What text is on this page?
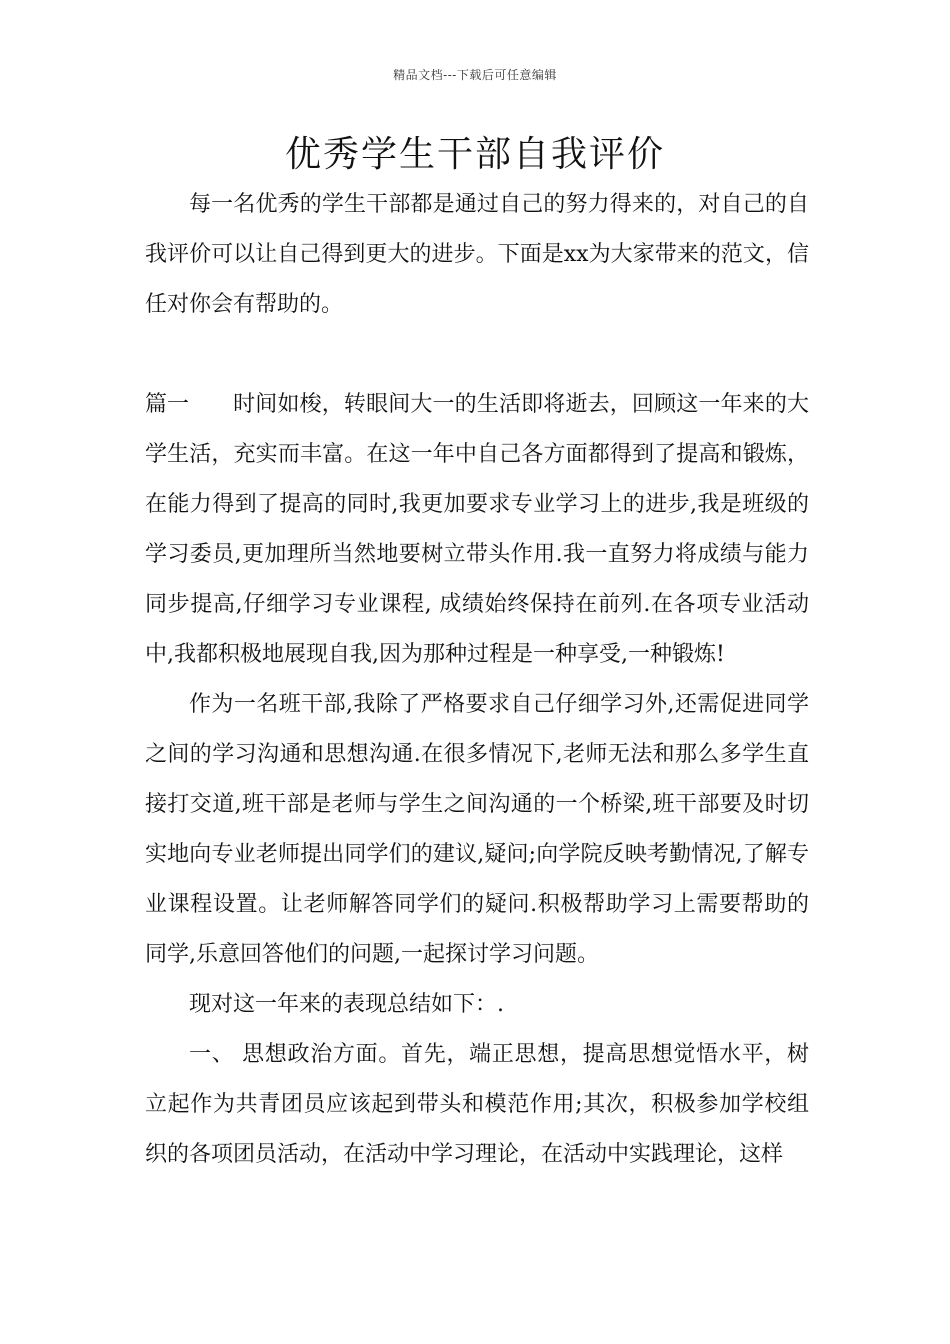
精品文档---下载后可任意编辑
优秀学生干部自我评价

每一名优秀的学生干部都是通过自己的努力得来的，对自己的自我评价可以让自己得到更大的进步。下面是xx为大家带来的范文，信任对你会有帮助的。

篇一 时间如梭，转眼间大一的生活即将逝去，回顾这一年来的大学生活，充实而丰富。在这一年中自己各方面都得到了提高和锻炼，在能力得到了提高的同时,我更加要求专业学习上的进步,我是班级的学习委员,更加理所当然地要树立带头作用.我一直努力将成绩与能力同步提高,仔细学习专业课程, 成绩始终保持在前列.在各项专业活动中,我都积极地展现自我,因为那种过程是一种享受,一种锻炼!

作为一名班干部,我除了严格要求自己仔细学习外,还需促进同学之间的学习沟通和思想沟通.在很多情况下,老师无法和那么多学生直接打交道,班干部是老师与学生之间沟通的一个桥梁,班干部要及时切实地向专业老师提出同学们的建议,疑问;向学院反映考勤情况,了解专业课程设置。让老师解答同学们的疑问.积极帮助学习上需要帮助的同学,乐意回答他们的问题,一起探讨学习问题。

现对这一年来的表现总结如下：.

一、 思想政治方面。首先，端正思想，提高思想觉悟水平，树立起作为共青团员应该起到带头和模范作用;其次，积极参加学校组织的各项团员活动，在活动中学习理论，在活动中实践理论，这样
